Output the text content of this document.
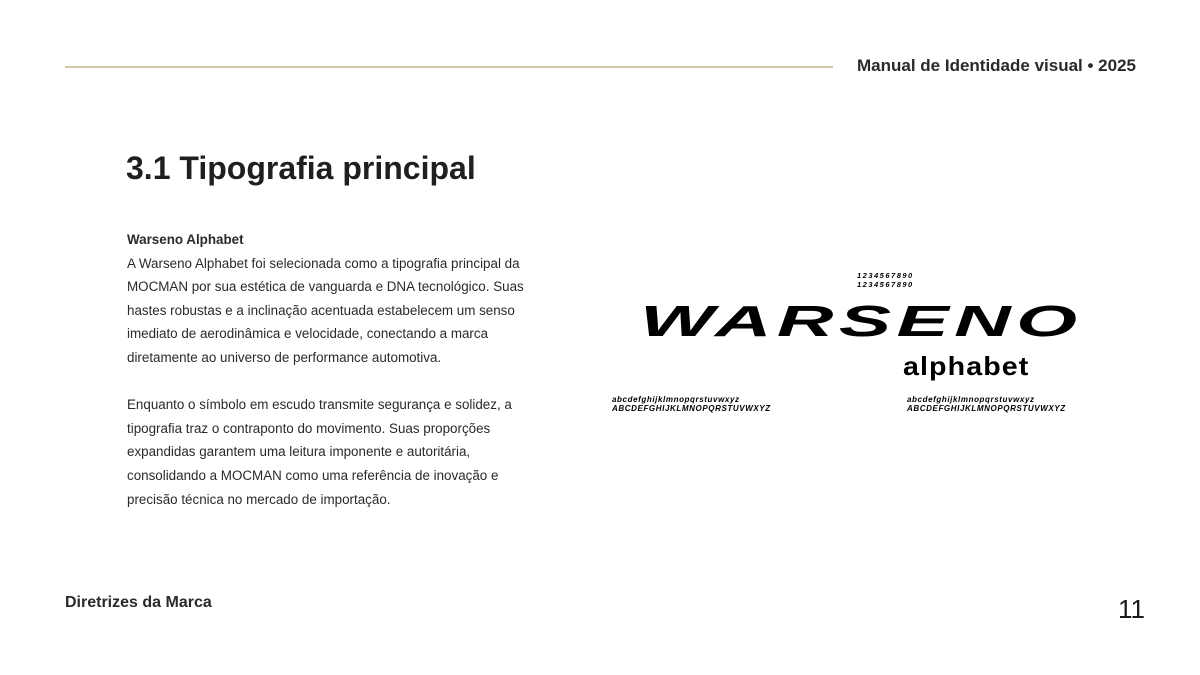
Manual de Identidade visual • 2025
3.1 Tipografia principal
Warseno Alphabet

A Warseno Alphabet foi selecionada como a tipografia principal da MOCMAN por sua estética de vanguarda e DNA tecnológico. Suas hastes robustas e a inclinação acentuada estabelecem um senso imediato de aerodinâmica e velocidade, conectando a marca diretamente ao universo de performance automotiva.

Enquanto o símbolo em escudo transmite segurança e solidez, a tipografia traz o contraponto do movimento. Suas proporções expandidas garantem uma leitura imponente e autoritária, consolidando a MOCMAN como uma referência de inovação e precisão técnica no mercado de importação.

1234567890
1234567890
WARSENO
alphabet
abcdefghijklmnopqrstuvwxyz
ABCDEFGHIJKLMNOPQRSTUVWXYZ
abcdefghijklmnopqrstuvwxyz
ABCDEFGHIJKLMNOPQRSTUVWXYZ
Diretrizes da Marca	11
